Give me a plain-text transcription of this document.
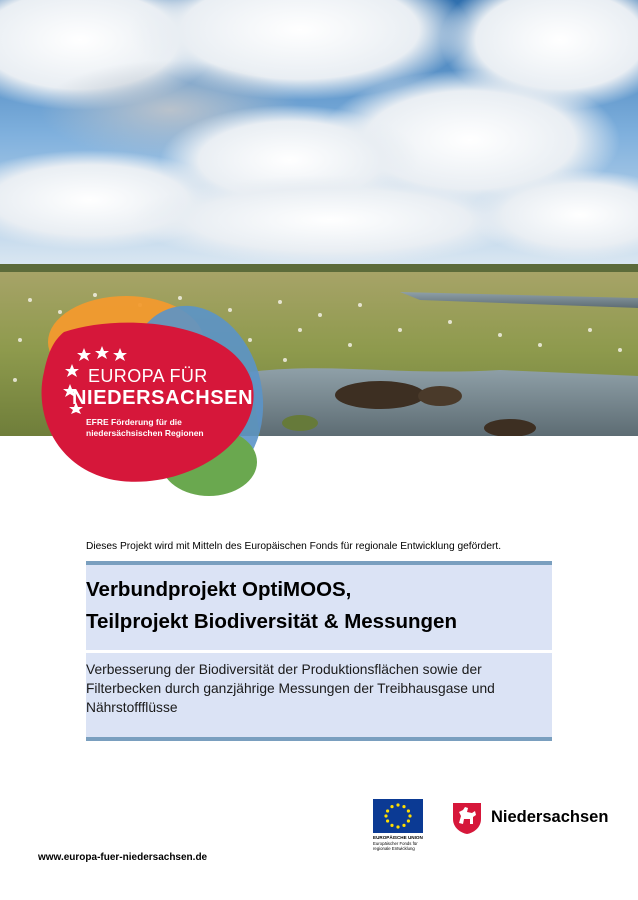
EUROPA FÜR
NIEDERSACHSEN
EFRE Förderung für die
niedersächsischen Regionen
Dieses Projekt wird mit Mitteln des Europäischen Fonds für regionale Entwicklung gefördert.
Verbundprojekt OptiMOOS,
Teilprojekt Biodiversität & Messungen
Verbesserung der Biodiversität der Produktionsflächen sowie der
Filterbecken durch ganzjährige Messungen der Treibhausgase und
Nährstoffflüsse
EUROPÄISCHE UNION
Europäischer Fonds für
regionale Entwicklung
Niedersachsen
www.europa-fuer-niedersachsen.de
